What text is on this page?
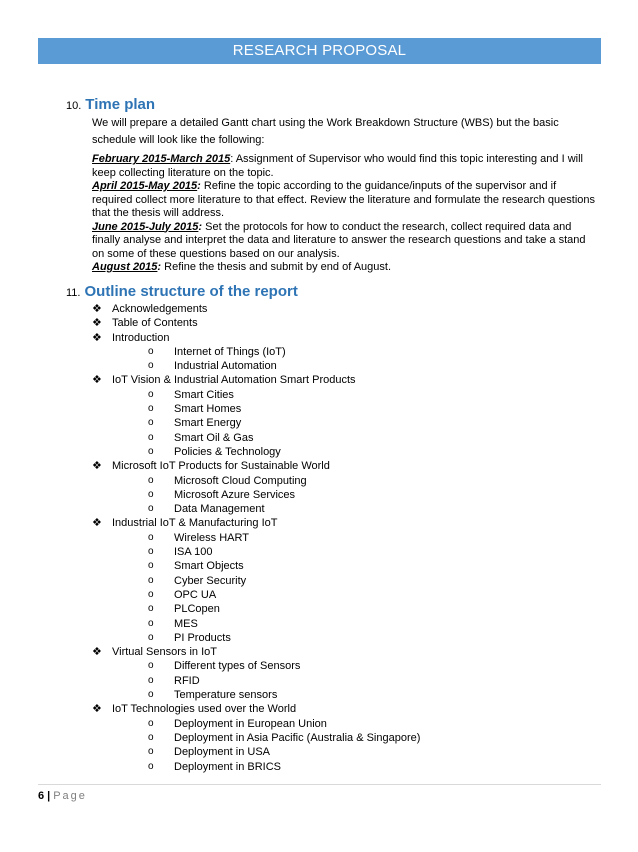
RESEARCH PROPOSAL
10. Time plan
We will prepare a detailed Gantt chart using the Work Breakdown Structure (WBS) but the basic schedule will look like the following:
February 2015-March 2015: Assignment of Supervisor who would find this topic interesting and I will keep collecting literature on the topic.
April 2015-May 2015: Refine the topic according to the guidance/inputs of the supervisor and if required collect more literature to that effect. Review the literature and formulate the research questions that the thesis will address.
June 2015-July 2015: Set the protocols for how to conduct the research, collect required data and finally analyse and interpret the data and literature to answer the research questions and take a stand on some of these questions based on our analysis.
August 2015: Refine the thesis and submit by end of August.
11. Outline structure of the report
❖ Acknowledgements
❖ Table of Contents
❖ Introduction
o Internet of Things (IoT)
o Industrial Automation
❖ IoT Vision & Industrial Automation Smart Products
o Smart Cities
o Smart Homes
o Smart Energy
o Smart Oil & Gas
o Policies & Technology
❖ Microsoft IoT Products for Sustainable World
o Microsoft Cloud Computing
o Microsoft Azure Services
o Data Management
❖ Industrial IoT & Manufacturing IoT
o Wireless HART
o ISA 100
o Smart Objects
o Cyber Security
o OPC UA
o PLCopen
o MES
o PI Products
❖ Virtual Sensors in IoT
o Different types of Sensors
o RFID
o Temperature sensors
❖ IoT Technologies used over the World
o Deployment in European Union
o Deployment in Asia Pacific (Australia & Singapore)
o Deployment in USA
o Deployment in BRICS
6 | Page
